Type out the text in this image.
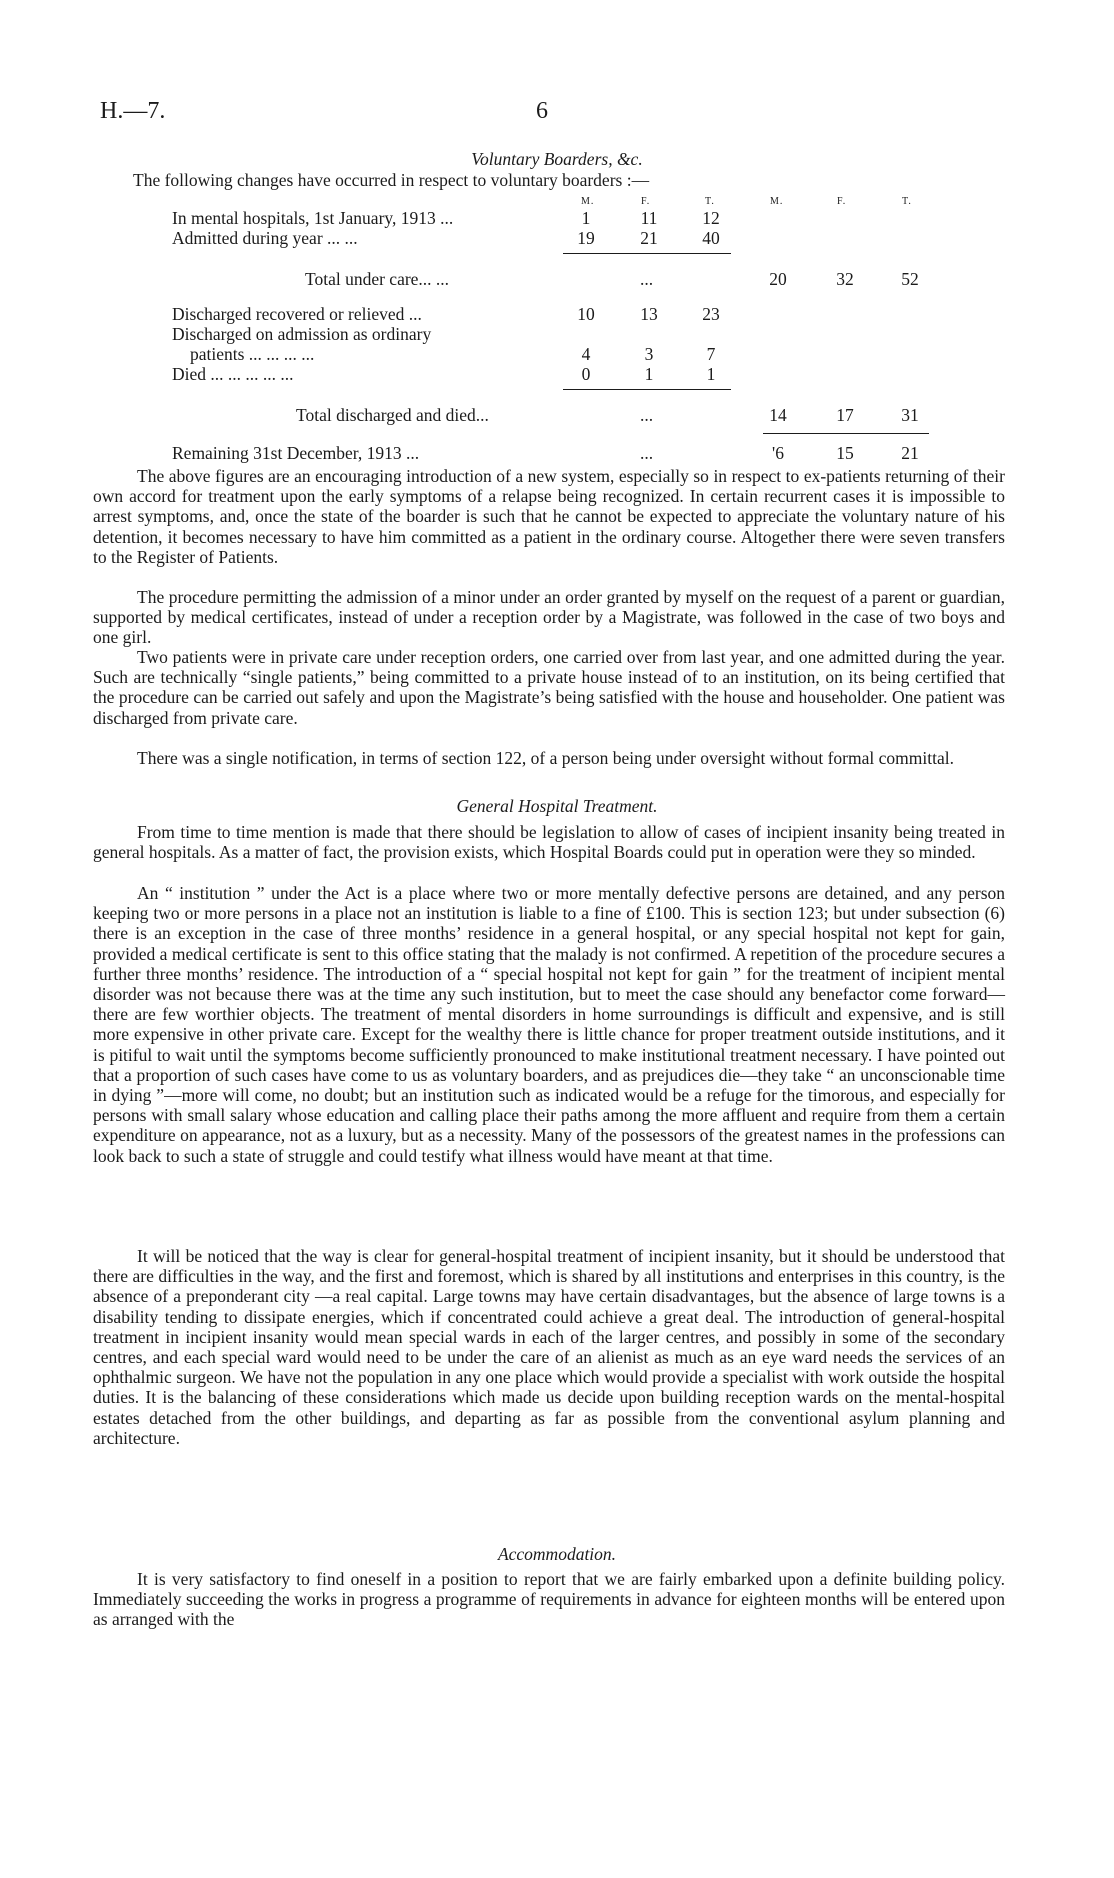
H.—7.	6
Voluntary Boarders, &c.
The following changes have occurred in respect to voluntary boarders :—
M.	F.	T.	M.	F.	T.
In mental hospitals, 1st January, 1913 ...	1	11	12
Admitted during year ... ...	19	21	40
Total under care... ...	...	20	32	52
Discharged recovered or relieved ...	10	13	23
Discharged on admission as ordinary
patients ... ... ... ...	4	3	7
Died ... ... ... ... ...	0	1	1
Total discharged and died...	...	14	17	31
Remaining 31st December, 1913 ...	...	'6	15	21

The above figures are an encouraging introduction of a new system, especially so in respect to ex-patients returning of their own accord for treatment upon the early symptoms of a relapse being recognized. In certain recurrent cases it is impossible to arrest symptoms, and, once the state of the boarder is such that he cannot be expected to appreciate the voluntary nature of his detention, it becomes necessary to have him committed as a patient in the ordinary course. Altogether there were seven transfers to the Register of Patients.

The procedure permitting the admission of a minor under an order granted by myself on the request of a parent or guardian, supported by medical certificates, instead of under a reception order by a Magistrate, was followed in the case of two boys and one girl.

Two patients were in private care under reception orders, one carried over from last year, and one admitted during the year. Such are technically “single patients,” being committed to a private house instead of to an institution, on its being certified that the procedure can be carried out safely and upon the Magistrate’s being satisfied with the house and householder. One patient was discharged from private care.

There was a single notification, in terms of section 122, of a person being under oversight without formal committal.

General Hospital Treatment.

From time to time mention is made that there should be legislation to allow of cases of incipient insanity being treated in general hospitals. As a matter of fact, the provision exists, which Hospital Boards could put in operation were they so minded.

An “ institution ” under the Act is a place where two or more mentally defective persons are detained, and any person keeping two or more persons in a place not an institution is liable to a fine of £100. This is section 123; but under subsection (6) there is an exception in the case of three months’ residence in a general hospital, or any special hospital not kept for gain, provided a medical certificate is sent to this office stating that the malady is not confirmed. A repetition of the procedure secures a further three months’ residence. The introduction of a “ special hospital not kept for gain ” for the treatment of incipient mental disorder was not because there was at the time any such institution, but to meet the case should any benefactor come forward—there are few worthier objects. The treatment of mental disorders in home surroundings is difficult and expensive, and is still more expensive in other private care. Except for the wealthy there is little chance for proper treatment outside institutions, and it is pitiful to wait until the symptoms become sufficiently pronounced to make institutional treatment necessary. I have pointed out that a proportion of such cases have come to us as voluntary boarders, and as prejudices die—they take “ an unconscionable time in dying ”—more will come, no doubt; but an institution such as indicated would be a refuge for the timorous, and especially for persons with small salary whose education and calling place their paths among the more affluent and require from them a certain expenditure on appearance, not as a luxury, but as a necessity. Many of the possessors of the greatest names in the professions can look back to such a state of struggle and could testify what illness would have meant at that time.

It will be noticed that the way is clear for general-hospital treatment of incipient insanity, but it should be understood that there are difficulties in the way, and the first and foremost, which is shared by all institutions and enterprises in this country, is the absence of a preponderant city —a real capital. Large towns may have certain disadvantages, but the absence of large towns is a disability tending to dissipate energies, which if concentrated could achieve a great deal. The introduction of general-hospital treatment in incipient insanity would mean special wards in each of the larger centres, and possibly in some of the secondary centres, and each special ward would need to be under the care of an alienist as much as an eye ward needs the services of an ophthalmic surgeon. We have not the population in any one place which would provide a specialist with work outside the hospital duties. It is the balancing of these considerations which made us decide upon building reception wards on the mental-hospital estates detached from the other buildings, and departing as far as possible from the conventional asylum planning and architecture.

Accommodation.

It is very satisfactory to find oneself in a position to report that we are fairly embarked upon a definite building policy. Immediately succeeding the works in progress a programme of requirements in advance for eighteen months will be entered upon as arranged with the
